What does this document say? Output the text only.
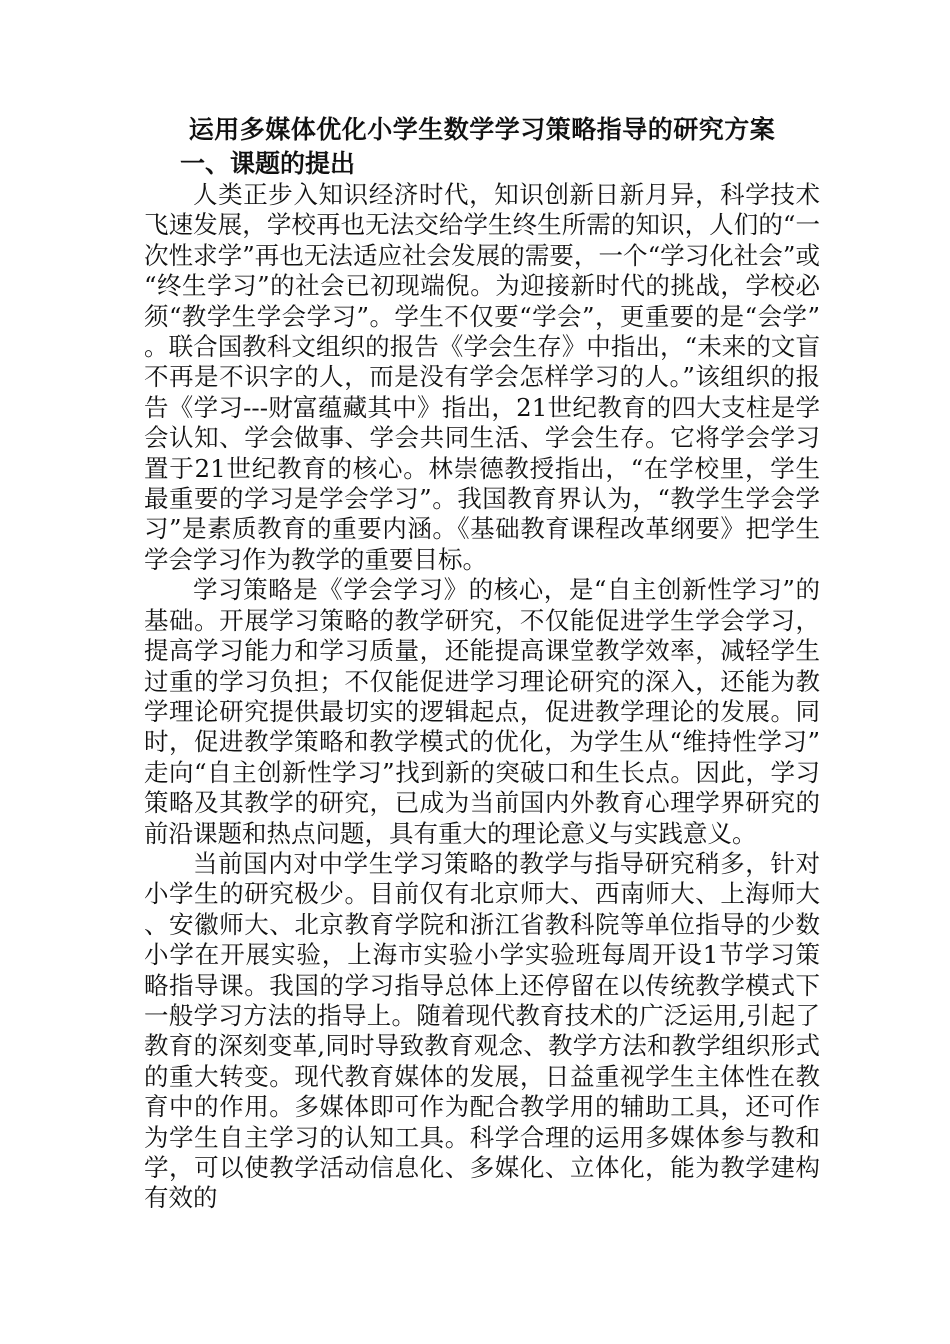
运用多媒体优化小学生数学学习策略指导的研究方案
一、课题的提出

人类正步入知识经济时代，知识创新日新月异，科学技术飞速发展，学校再也无法交给学生终生所需的知识，人们的“一次性求学”再也无法适应社会发展的需要，一个“学习化社会”或“终生学习”的社会已初现端倪。为迎接新时代的挑战，学校必须“教学生学会学习”。学生不仅要“学会”，更重要的是“会学”。联合国教科文组织的报告《学会生存》中指出，“未来的文盲不再是不识字的人，而是没有学会怎样学习的人。”该组织的报告《学习---财富蕴藏其中》指出，21世纪教育的四大支柱是学会认知、学会做事、学会共同生活、学会生存。它将学会学习置于21世纪教育的核心。林崇德教授指出，“在学校里，学生最重要的学习是学会学习”。我国教育界认为，“教学生学会学习”是素质教育的重要内涵。《基础教育课程改革纲要》把学生学会学习作为教学的重要目标。

学习策略是《学会学习》的核心，是“自主创新性学习”的基础。开展学习策略的教学研究，不仅能促进学生学会学习，提高学习能力和学习质量，还能提高课堂教学效率，减轻学生过重的学习负担；不仅能促进学习理论研究的深入，还能为教学理论研究提供最切实的逻辑起点，促进教学理论的发展。同时，促进教学策略和教学模式的优化，为学生从“维持性学习”走向“自主创新性学习”找到新的突破口和生长点。因此，学习策略及其教学的研究，已成为当前国内外教育心理学界研究的前沿课题和热点问题，具有重大的理论意义与实践意义。

当前国内对中学生学习策略的教学与指导研究稍多，针对小学生的研究极少。目前仅有北京师大、西南师大、上海师大、安徽师大、北京教育学院和浙江省教科院等单位指导的少数小学在开展实验，上海市实验小学实验班每周开设1节学习策略指导课。我国的学习指导总体上还停留在以传统教学模式下一般学习方法的指导上。随着现代教育技术的广泛运用,引起了教育的深刻变革,同时导致教育观念、教学方法和教学组织形式的重大转变。现代教育媒体的发展，日益重视学生主体性在教育中的作用。多媒体即可作为配合教学用的辅助工具，还可作为学生自主学习的认知工具。科学合理的运用多媒体参与教和学，可以使教学活动信息化、多媒化、立体化，能为教学建构有效的
